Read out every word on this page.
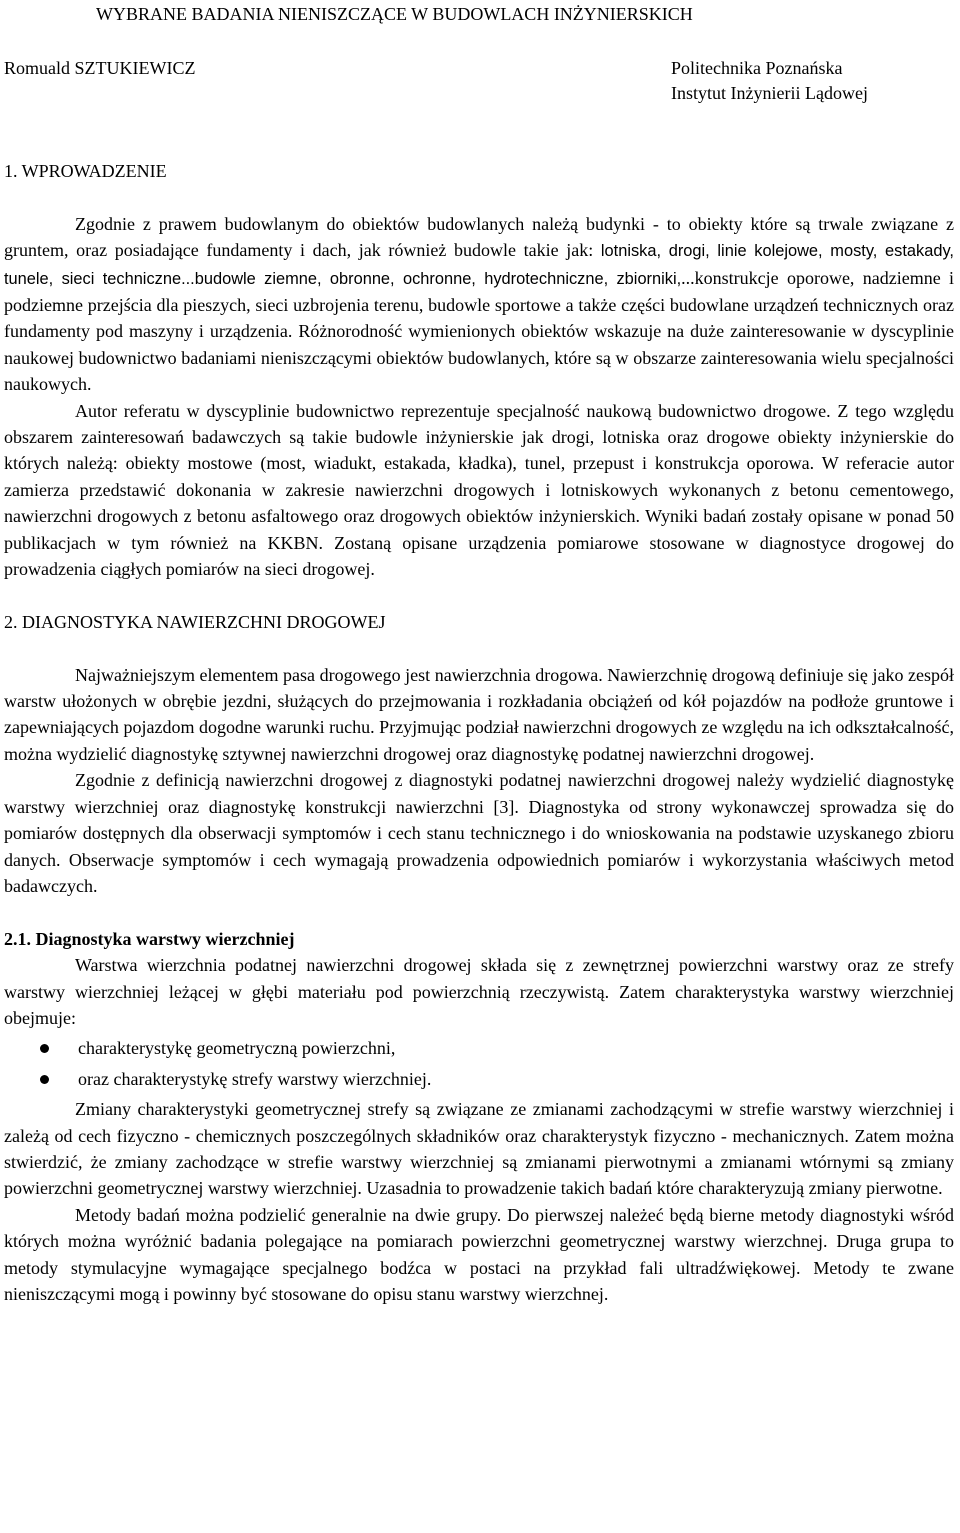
WYBRANE BADANIA NIENISZCZĄCE W BUDOWLACH INŻYNIERSKICH
Romuald SZTUKIEWICZ	Politechnika Poznańska
Instytut Inżynierii Lądowej
1. WPROWADZENIE

Zgodnie z prawem budowlanym do obiektów budowlanych należą budynki - to obiekty które są trwale związane z gruntem, oraz posiadające fundamenty i dach, jak również budowle takie jak: lotniska, drogi, linie kolejowe, mosty, estakady, tunele, sieci techniczne...budowle ziemne, obronne, ochronne, hydrotechniczne, zbiorniki,...konstrukcje oporowe, nadziemne i podziemne przejścia dla pieszych, sieci uzbrojenia terenu, budowle sportowe a także części budowlane urządzeń technicznych oraz fundamenty pod maszyny i urządzenia. Różnorodność wymienionych obiektów wskazuje na duże zainteresowanie w dyscyplinie naukowej budownictwo badaniami nieniszczącymi obiektów budowlanych, które są w obszarze zainteresowania wielu specjalności naukowych.

Autor referatu w dyscyplinie budownictwo reprezentuje specjalność naukową budownictwo drogowe. Z tego względu obszarem zainteresowań badawczych są takie budowle inżynierskie jak drogi, lotniska oraz drogowe obiekty inżynierskie do których należą: obiekty mostowe (most, wiadukt, estakada, kładka), tunel, przepust i konstrukcja oporowa. W referacie autor zamierza przedstawić dokonania w zakresie nawierzchni drogowych i lotniskowych wykonanych z betonu cementowego, nawierzchni drogowych z betonu asfaltowego oraz drogowych obiektów inżynierskich. Wyniki badań zostały opisane w ponad 50 publikacjach w tym również na KKBN. Zostaną opisane urządzenia pomiarowe stosowane w diagnostyce drogowej do prowadzenia ciągłych pomiarów na sieci drogowej.

2. DIAGNOSTYKA NAWIERZCHNI DROGOWEJ

Najważniejszym elementem pasa drogowego jest nawierzchnia drogowa. Nawierzchnię drogową definiuje się jako zespół warstw ułożonych w obrębie jezdni, służących do przejmowania i rozkładania obciążeń od kół pojazdów na podłoże gruntowe i zapewniających pojazdom dogodne warunki ruchu. Przyjmując podział nawierzchni drogowych ze względu na ich odkształcalność, można wydzielić diagnostykę sztywnej nawierzchni drogowej oraz diagnostykę podatnej nawierzchni drogowej.

Zgodnie z definicją nawierzchni drogowej z diagnostyki podatnej nawierzchni drogowej należy wydzielić diagnostykę warstwy wierzchniej oraz diagnostykę konstrukcji nawierzchni [3]. Diagnostyka od strony wykonawczej sprowadza się do pomiarów dostępnych dla obserwacji symptomów i cech stanu technicznego i do wnioskowania na podstawie uzyskanego zbioru danych. Obserwacje symptomów i cech wymagają prowadzenia odpowiednich pomiarów i wykorzystania właściwych metod badawczych.

2.1. Diagnostyka warstwy wierzchniej

Warstwa wierzchnia podatnej nawierzchni drogowej składa się z zewnętrznej powierzchni warstwy oraz ze strefy warstwy wierzchniej leżącej w głębi materiału pod powierzchnią rzeczywistą. Zatem charakterystyka warstwy wierzchniej obejmuje:

charakterystykę geometryczną powierzchni,
oraz charakterystykę strefy warstwy wierzchniej.

Zmiany charakterystyki geometrycznej strefy są związane ze zmianami zachodzącymi w strefie warstwy wierzchniej i zależą od cech fizyczno - chemicznych poszczególnych składników oraz charakterystyk fizyczno - mechanicznych. Zatem można stwierdzić, że zmiany zachodzące w strefie warstwy wierzchniej są zmianami pierwotnymi a zmianami wtórnymi są zmiany powierzchni geometrycznej warstwy wierzchniej. Uzasadnia to prowadzenie takich badań które charakteryzują zmiany pierwotne.

Metody badań można podzielić generalnie na dwie grupy. Do pierwszej należeć będą bierne metody diagnostyki wśród których można wyróżnić badania polegające na pomiarach powierzchni geometrycznej warstwy wierzchnej. Druga grupa to metody stymulacyjne wymagające specjalnego bodźca w postaci na przykład fali ultradźwiękowej. Metody te zwane nieniszczącymi mogą i powinny być stosowane do opisu stanu warstwy wierzchnej.
